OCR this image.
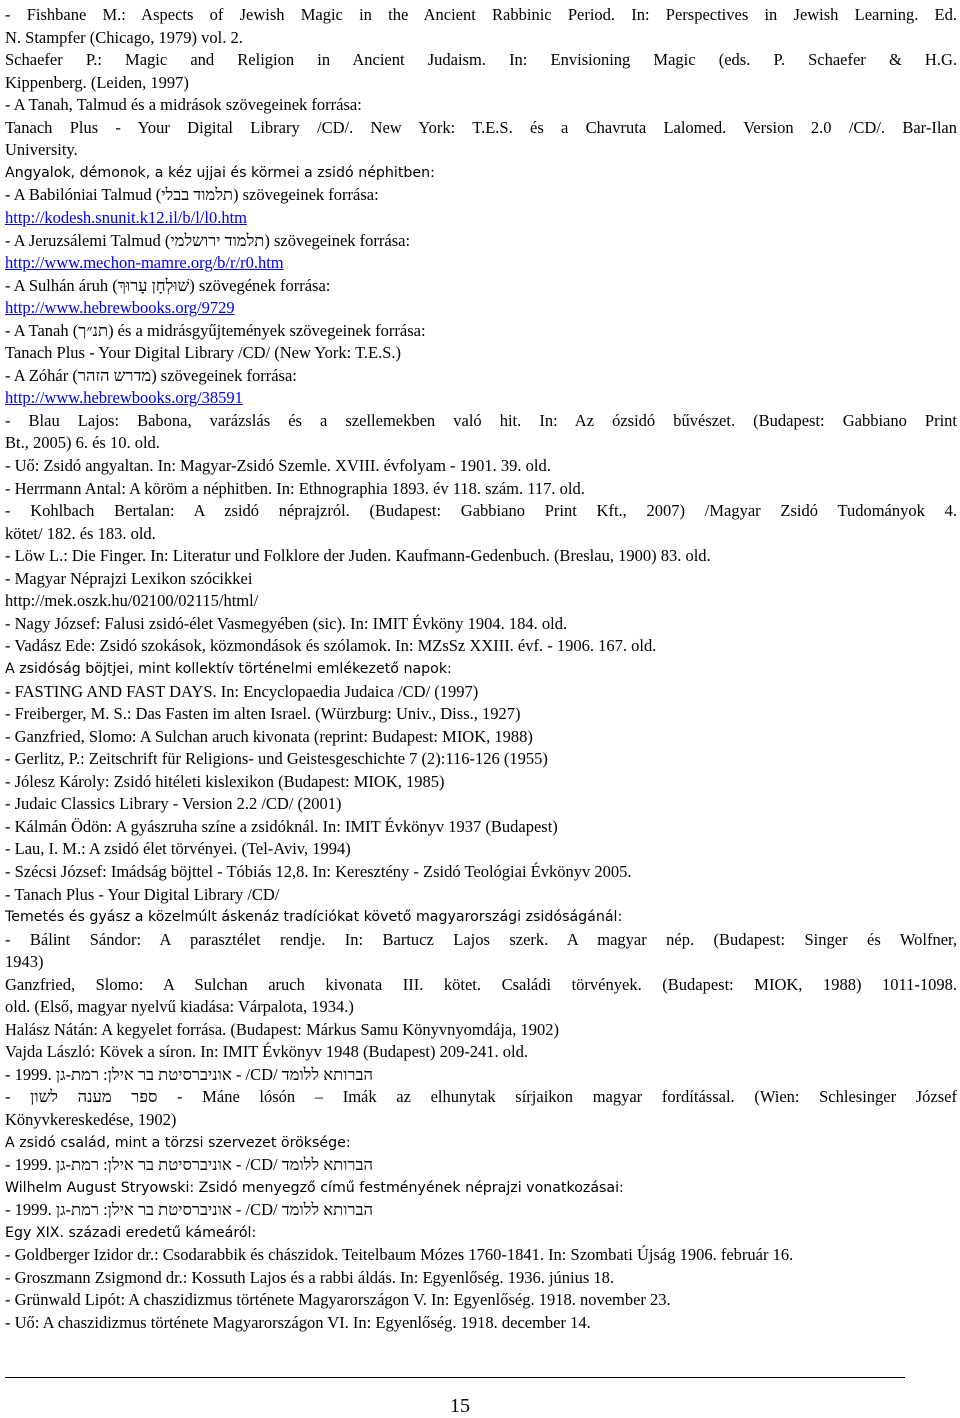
- Fishbane M.: Aspects of Jewish Magic in the Ancient Rabbinic Period. In: Perspectives in Jewish Learning. Ed.
N. Stampfer (Chicago, 1979) vol. 2.
Schaefer P.: Magic and Religion in Ancient Judaism. In: Envisioning Magic (eds. P. Schaefer & H.G.
Kippenberg. (Leiden, 1997)
- A Tanah, Talmud és a midrások szövegeinek forrása:
Tanach Plus - Your Digital Library /CD/. New York: T.E.S. és a Chavruta Lalomed. Version 2.0 /CD/. Bar-Ilan
University.
Angyalok, démonok, a kéz ujjai és körmei a zsidó néphitben:
- A Babilóniai Talmud (תלמוד בבלי) szövegeinek forrása:
http://kodesh.snunit.k12.il/b/l/l0.htm
- A Jeruzsálemi Talmud (תלמוד ירושלמי) szövegeinek forrása:
http://www.mechon-mamre.org/b/r/r0.htm
- A Sulhán áruh (שׁוּלְחָן עָרוּךְ) szövegének forrása:
http://www.hebrewbooks.org/9729
- A Tanah (תנ״ך) és a midrásgyűjtemények szövegeinek forrása:
Tanach Plus - Your Digital Library /CD/ (New York: T.E.S.)
- A Zóhár (מדרש הזהר) szövegeinek forrása:
http://www.hebrewbooks.org/38591
- Blau Lajos: Babona, varázslás és a szellemekben való hit. In: Az ózsidó bűvészet. (Budapest: Gabbiano Print
Bt., 2005) 6. és 10. old.
- Uő: Zsidó angyaltan. In: Magyar-Zsidó Szemle. XVIII. évfolyam - 1901. 39. old.
- Herrmann Antal: A köröm a néphitben. In: Ethnographia 1893. év 118. szám. 117. old.
- Kohlbach Bertalan: A zsidó néprajzról. (Budapest: Gabbiano Print Kft., 2007) /Magyar Zsidó Tudományok 4.
kötet/ 182. és 183. old.
- Löw L.: Die Finger. In: Literatur und Folklore der Juden. Kaufmann-Gedenbuch. (Breslau, 1900) 83. old.
- Magyar Néprajzi Lexikon szócikkei
http://mek.oszk.hu/02100/02115/html/
- Nagy József: Falusi zsidó-élet Vasmegyében (sic). In: IMIT Évköny 1904. 184. old.
- Vadász Ede: Zsidó szokások, közmondások és szólamok. In: MZsSz XXIII. évf. - 1906. 167. old.
A zsidóság böjtjei, mint kollektív történelmi emlékezető napok:
- FASTING AND FAST DAYS. In: Encyclopaedia Judaica /CD/ (1997)
- Freiberger, M. S.: Das Fasten im alten Israel. (Würzburg: Univ., Diss., 1927)
- Ganzfried, Slomo: A Sulchan aruch kivonata (reprint: Budapest: MIOK, 1988)
- Gerlitz, P.: Zeitschrift für Religions- und Geistesgeschichte 7 (2):116-126 (1955)
- Jólesz Károly: Zsidó hitéleti kislexikon (Budapest: MIOK, 1985)
- Judaic Classics Library - Version 2.2 /CD/ (2001)
- Kálmán Ödön: A gyászruha színe a zsidóknál. In: IMIT Évkönyv 1937 (Budapest)
- Lau, I. M.: A zsidó élet törvényei. (Tel-Aviv, 1994)
- Szécsi József: Imádság böjttel - Tóbiás 12,8. In: Keresztény - Zsidó Teológiai Évkönyv 2005.
- Tanach Plus - Your Digital Library /CD/
Temetés és gyász a közelmúlt áskenáz tradíciókat követő magyarországi zsidóságánál:
- Bálint Sándor: A parasztélet rendje. In: Bartucz Lajos szerk. A magyar nép. (Budapest: Singer és Wolfner,
1943)
Ganzfried, Slomo: A Sulchan aruch kivonata III. kötet. Családi törvények. (Budapest: MIOK, 1988) 1011-1098.
old. (Első, magyar nyelvű kiadása: Várpalota, 1934.)
Halász Nátán: A kegyelet forrása. (Budapest: Márkus Samu Könyvnyomdája, 1902)
Vajda László: Kövek a síron. In: IMIT Évkönyv 1948 (Budapest) 209-241. old.
- 1999. אוניברסיטת בר אילן: רמת-גן - /CD/ הברותא ללומד
- ספר מענה לשון - Máne lósón – Imák az elhunytak sírjaikon magyar fordítással. (Wien: Schlesinger József
Könyvkereskedése, 1902)
A zsidó család, mint a törzsi szervezet öröksége:
- 1999. אוניברסיטת בר אילן: רמת-גן - /CD/ הברותא ללומד
Wilhelm August Stryowski: Zsidó menyegző című festményének néprajzi vonatkozásai:
- 1999. אוניברסיטת בר אילן: רמת-גן - /CD/ הברותא ללומד
Egy XIX. századi eredetű kámeáról:
- Goldberger Izidor dr.: Csodarabbik és chászidok. Teitelbaum Mózes 1760-1841. In: Szombati Újság 1906. február 16.
- Groszmann Zsigmond dr.: Kossuth Lajos és a rabbi áldás. In: Egyenlőség. 1936. június 18.
- Grünwald Lipót: A chaszidizmus története Magyarországon V. In: Egyenlőség. 1918. november 23.
- Uő: A chaszidizmus története Magyarországon VI. In: Egyenlőség. 1918. december 14.
15
